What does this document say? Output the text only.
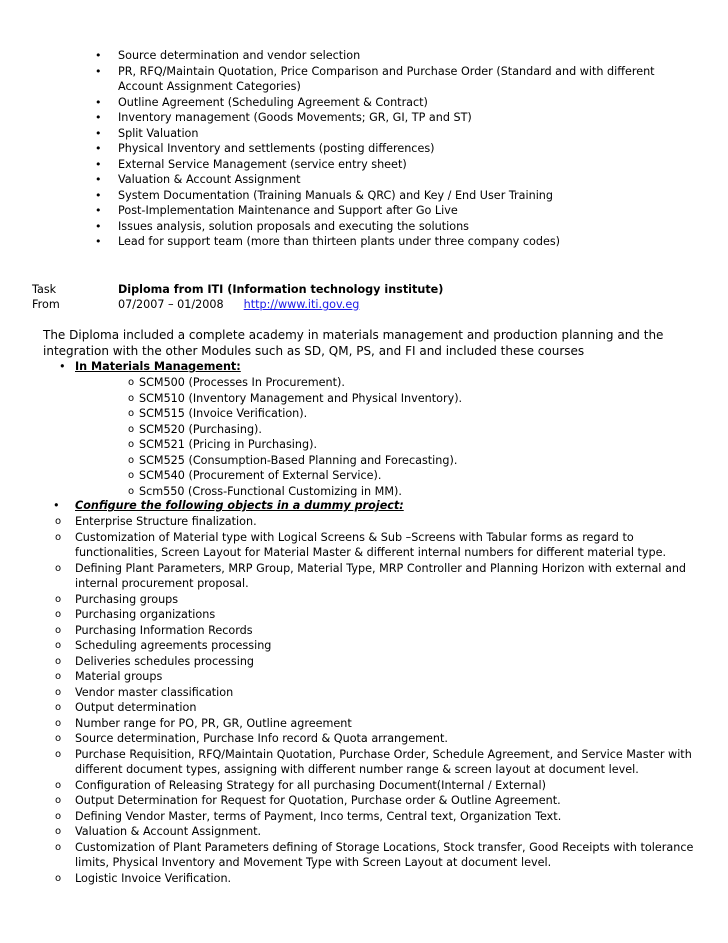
• Source determination and vendor selection
• PR, RFQ/Maintain Quotation, Price Comparison and Purchase Order (Standard and with different Account Assignment Categories)
• Outline Agreement (Scheduling Agreement & Contract)
• Inventory management (Goods Movements; GR, GI, TP and ST)
• Split Valuation
• Physical Inventory and settlements (posting differences)
• External Service Management (service entry sheet)
• Valuation & Account Assignment
• System Documentation (Training Manuals & QRC) and Key / End User Training
• Post-Implementation Maintenance and Support after Go Live
• Issues analysis, solution proposals and executing the solutions
• Lead for support team (more than thirteen plants under three company codes)
Task	Diploma from ITI (Information technology institute)
From	07/2007 – 01/2008 http://www.iti.gov.eg
The Diploma included a complete academy in materials management and production planning and the integration with the other Modules such as SD, QM, PS, and FI and included these courses
• In Materials Management:
o SCM500 (Processes In Procurement).
o SCM510 (Inventory Management and Physical Inventory).
o SCM515 (Invoice Verification).
o SCM520 (Purchasing).
o SCM521 (Pricing in Purchasing).
o SCM525 (Consumption-Based Planning and Forecasting).
o SCM540 (Procurement of External Service).
o Scm550 (Cross-Functional Customizing in MM).
• Configure the following objects in a dummy project:
o Enterprise Structure finalization.
o Customization of Material type with Logical Screens & Sub –Screens with Tabular forms as regard to functionalities, Screen Layout for Material Master & different internal numbers for different material type.
o Defining Plant Parameters, MRP Group, Material Type, MRP Controller and Planning Horizon with external and internal procurement proposal.
o Purchasing groups
o Purchasing organizations
o Purchasing Information Records
o Scheduling agreements processing
o Deliveries schedules processing
o Material groups
o Vendor master classification
o Output determination
o Number range for PO, PR, GR, Outline agreement
o Source determination, Purchase Info record & Quota arrangement.
o Purchase Requisition, RFQ/Maintain Quotation, Purchase Order, Schedule Agreement, and Service Master with different document types, assigning with different number range & screen layout at document level.
o Configuration of Releasing Strategy for all purchasing Document(Internal / External)
o Output Determination for Request for Quotation, Purchase order & Outline Agreement.
o Defining Vendor Master, terms of Payment, Inco terms, Central text, Organization Text.
o Valuation & Account Assignment.
o Customization of Plant Parameters defining of Storage Locations, Stock transfer, Good Receipts with tolerance limits, Physical Inventory and Movement Type with Screen Layout at document level.
o Logistic Invoice Verification.
